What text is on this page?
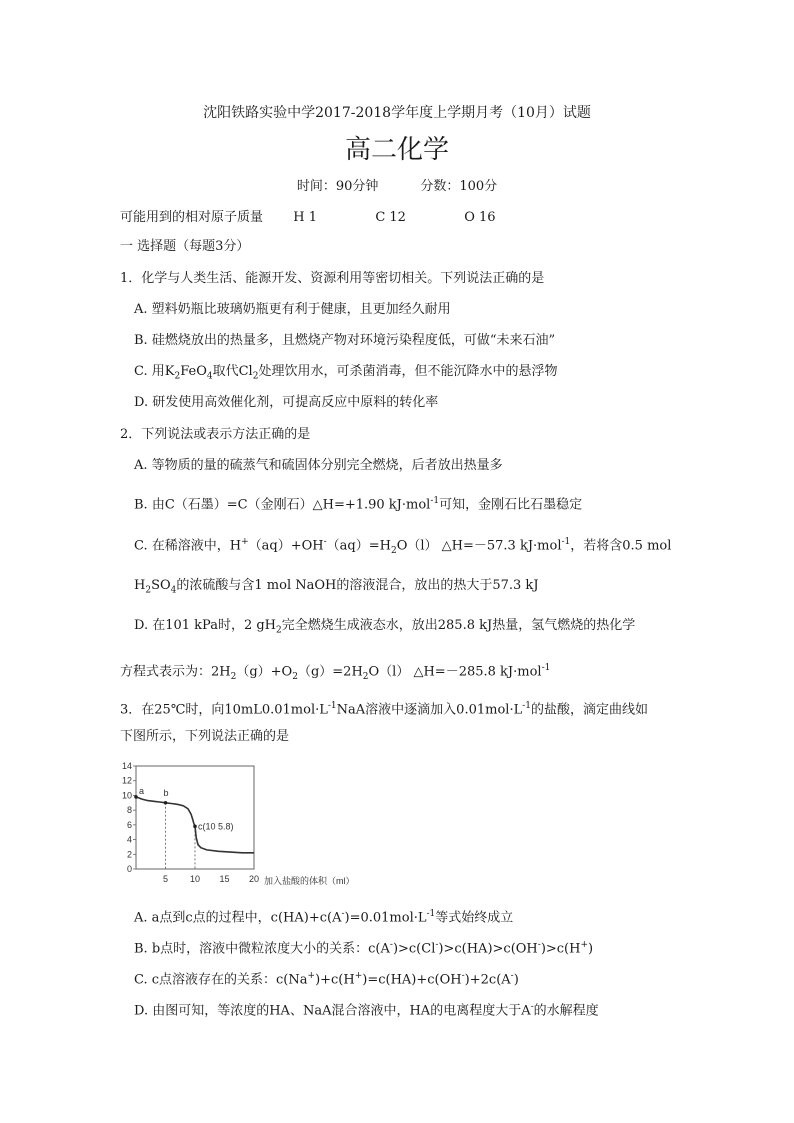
沈阳铁路实验中学2017-2018学年度上学期月考（10月）试题
高二化学
时间：90分钟	分数：100分
可能用到的相对原子质量 H 1	C 12	O 16
一 选择题（每题3分）
1．化学与人类生活、能源开发、资源利用等密切相关。下列说法正确的是
A. 塑料奶瓶比玻璃奶瓶更有利于健康，且更加经久耐用
B. 硅燃烧放出的热量多，且燃烧产物对环境污染程度低，可做“未来石油”
C. 用$K_2FeO_4$取代$Cl_2$处理饮用水，可杀菌消毒，但不能沉降水中的悬浮物
D. 研发使用高效催化剂，可提高反应中原料的转化率
2．下列说法或表示方法正确的是
A. 等物质的量的硫蒸气和硫固体分别完全燃烧，后者放出热量多
B. 由C（石墨）=C（金刚石）△H=+1.90 kJ·mol$^{-1}$可知，金刚石比石墨稳定
C. 在稀溶液中，$H^+(aq)+OH^-(aq)=H_2O(l)$ △H=－57.3 kJ·mol$^{-1}$，若将含0.5 mol
$H_2SO_4$的浓硫酸与含1 mol NaOH的溶液混合，放出的热大于57.3 kJ
D. 在101 kPa时，2 $gH_2$完全燃烧生成液态水，放出285.8 kJ热量，氢气燃烧的热化学
方程式表示为：$2H_2(g)+O_2(g)=2H_2O(l)$ △H=－285.8 kJ·mol$^{-1}$
3．在25℃时，向$10mL0.01mol\cdot L^{-1}NaA$溶液中逐滴加入$0.01mol\cdot L^{-1}$的盐酸，滴定曲线如
下图所示，下列说法正确的是
0
2
4
6
8
10
12
14
5 10 15 20
a b
c(10 5.8)
加入盐酸的体积（ml）
A. a点到c点的过程中，$c(HA)+c(A^-)=0.01mol\cdot L^{-1}$等式始终成立
B. b点时，溶液中微粒浓度大小的关系：c(A-)>c(Cl-)>c(HA)>c(OH-)>c(H+)
C. c点溶液存在的关系：c(Na+)+c(H+)=c(HA)+c(OH-)+2c(A-)
D. 由图可知，等浓度的HA、NaA混合溶液中，HA的电离程度大于A-的水解程度
